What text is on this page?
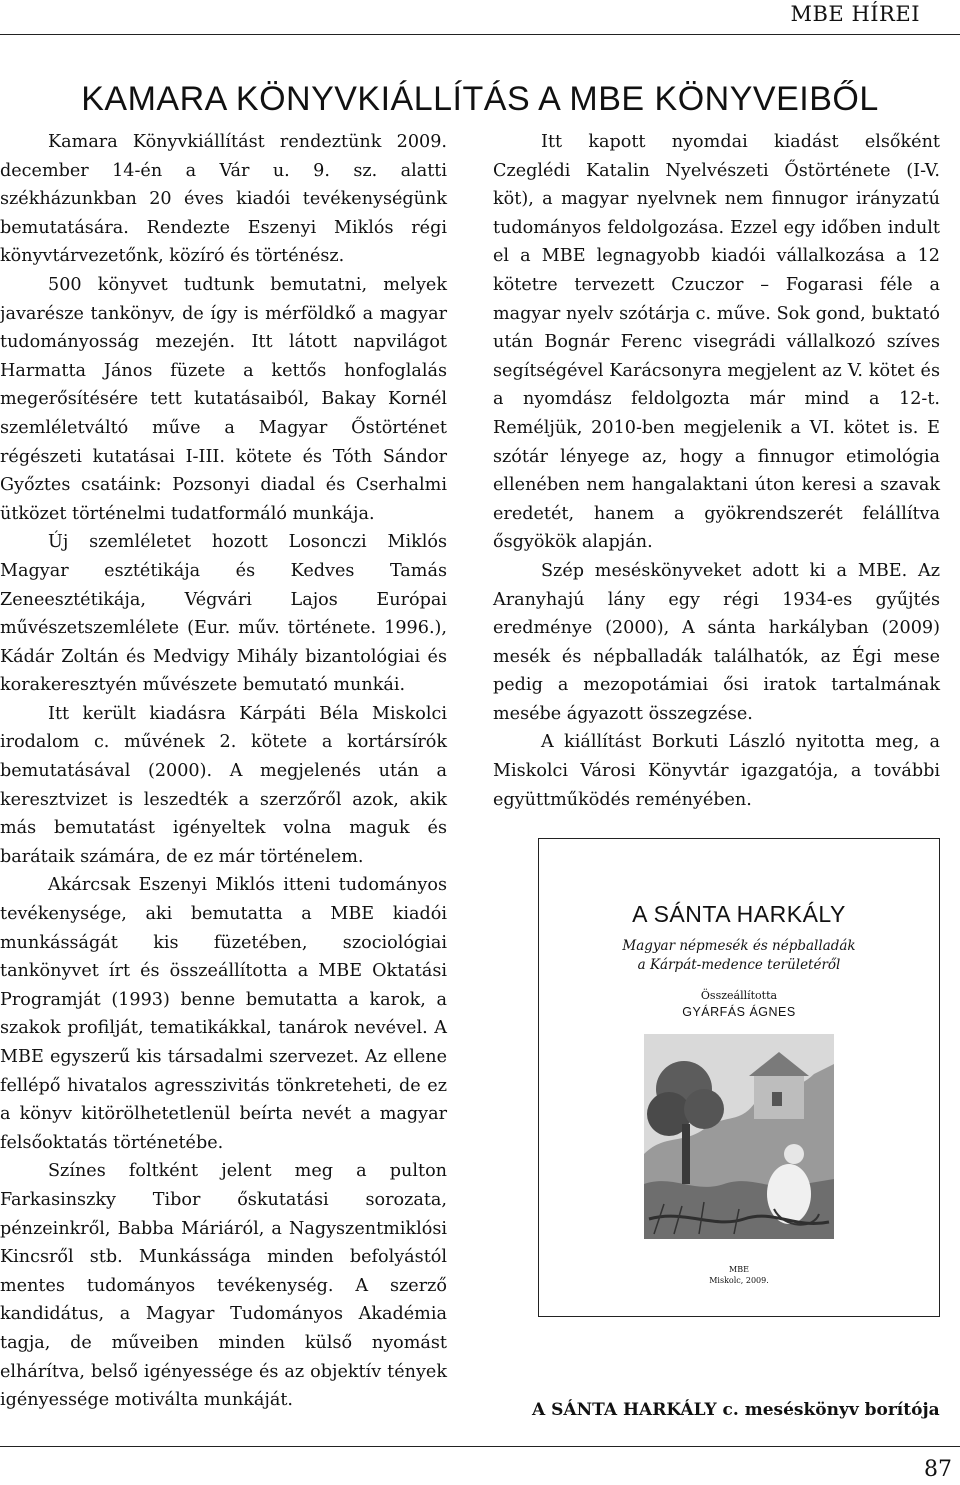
MBE HÍREI
KAMARA KÖNYVKIÁLLÍTÁS A MBE KÖNYVEIBŐL

Kamara Könyvkiállítást rendeztünk 2009. december 14-én a Vár u. 9. sz. alatti székházunkban 20 éves kiadói tevékenységünk bemutatására. Rendezte Eszenyi Miklós régi könyvtárvezetőnk, közíró és történész.

500 könyvet tudtunk bemutatni, melyek javarésze tankönyv, de így is mérföldkő a magyar tudományosság mezején. Itt látott napvilágot Harmatta János füzete a kettős honfoglalás megerősítésére tett kutatásaiból, Bakay Kornél szemléletváltó műve a Magyar Őstörténet régészeti kutatásai I-III. kötete és Tóth Sándor Győztes csatáink: Pozsonyi diadal és Cserhalmi ütközet történelmi tudatformáló munkája.

Új szemléletet hozott Losonczi Miklós Magyar esztétikája és Kedves Tamás Zeneesztétikája, Végvári Lajos Európai művészetszemlélete (Eur. műv. története. 1996.), Kádár Zoltán és Medvigy Mihály bizantológiai és korakeresztyén művészete bemutató munkái.

Itt került kiadásra Kárpáti Béla Miskolci irodalom c. művének 2. kötete a kortársírók bemutatásával (2000). A megjelenés után a keresztvizet is leszedték a szerzőről azok, akik más bemutatást igényeltek volna maguk és barátaik számára, de ez már történelem.

Akárcsak Eszenyi Miklós itteni tudományos tevékenysége, aki bemutatta a MBE kiadói munkásságát kis füzetében, szociológiai tankönyvet írt és összeállította a MBE Oktatási Programját (1993) benne bemutatta a karok, a szakok profilját, tematikákkal, tanárok nevével. A MBE egyszerű kis társadalmi szervezet. Az ellene fellépő hivatalos agresszivitás tönkreteheti, de ez a könyv kitörölhetetlenül beírta nevét a magyar felsőoktatás történetébe.

Színes foltként jelent meg a pulton Farkasinszky Tibor őskutatási sorozata, pénzeinkről, Babba Máriáról, a Nagyszentmiklósi Kincsről stb. Munkássága minden befolyástól mentes tudományos tevékenység. A szerző kandidátus, a Magyar Tudományos Akadémia tagja, de műveiben minden külső nyomást elhárítva, belső igényessége és az objektív tények igényessége motiválta munkáját.

Itt kapott nyomdai kiadást elsőként Czeglédi Katalin Nyelvészeti Őstörténete (I-V. köt), a magyar nyelvnek nem finnugor irányzatú tudományos feldolgozása. Ezzel egy időben indult el a MBE legnagyobb kiadói vállalkozása a 12 kötetre tervezett Czuczor – Fogarasi féle a magyar nyelv szótárja c. műve. Sok gond, buktató után Bognár Ferenc visegrádi vállalkozó szíves segítségével Karácsonyra megjelent az V. kötet és a nyomdász feldolgozta már mind a 12-t. Reméljük, 2010-ben megjelenik a VI. kötet is. E szótár lényege az, hogy a finnugor etimológia ellenében nem hangalaktani úton keresi a szavak eredetét, hanem a gyökrendszerét felállítva ősgyökök alapján.

Szép meséskönyveket adott ki a MBE. Az Aranyhajú lány egy régi 1934-es gyűjtés eredménye (2000), A sánta harkályban (2009) mesék és népballadák találhatók, az Égi mese pedig a mezopotámiai ősi iratok tartalmának mesébe ágyazott összegzése.

A kiállítást Borkuti László nyitotta meg, a Miskolci Városi Könyvtár igazgatója, a további együttműködés reményében.

A SÁNTA HARKÁLY
Magyar népmesék és népballadák
a Kárpát-medence területéről
Összeállította
GYÁRFÁS ÁGNES
MBE
Miskolc, 2009.
A SÁNTA HARKÁLY c. meséskönyv borítója
87
